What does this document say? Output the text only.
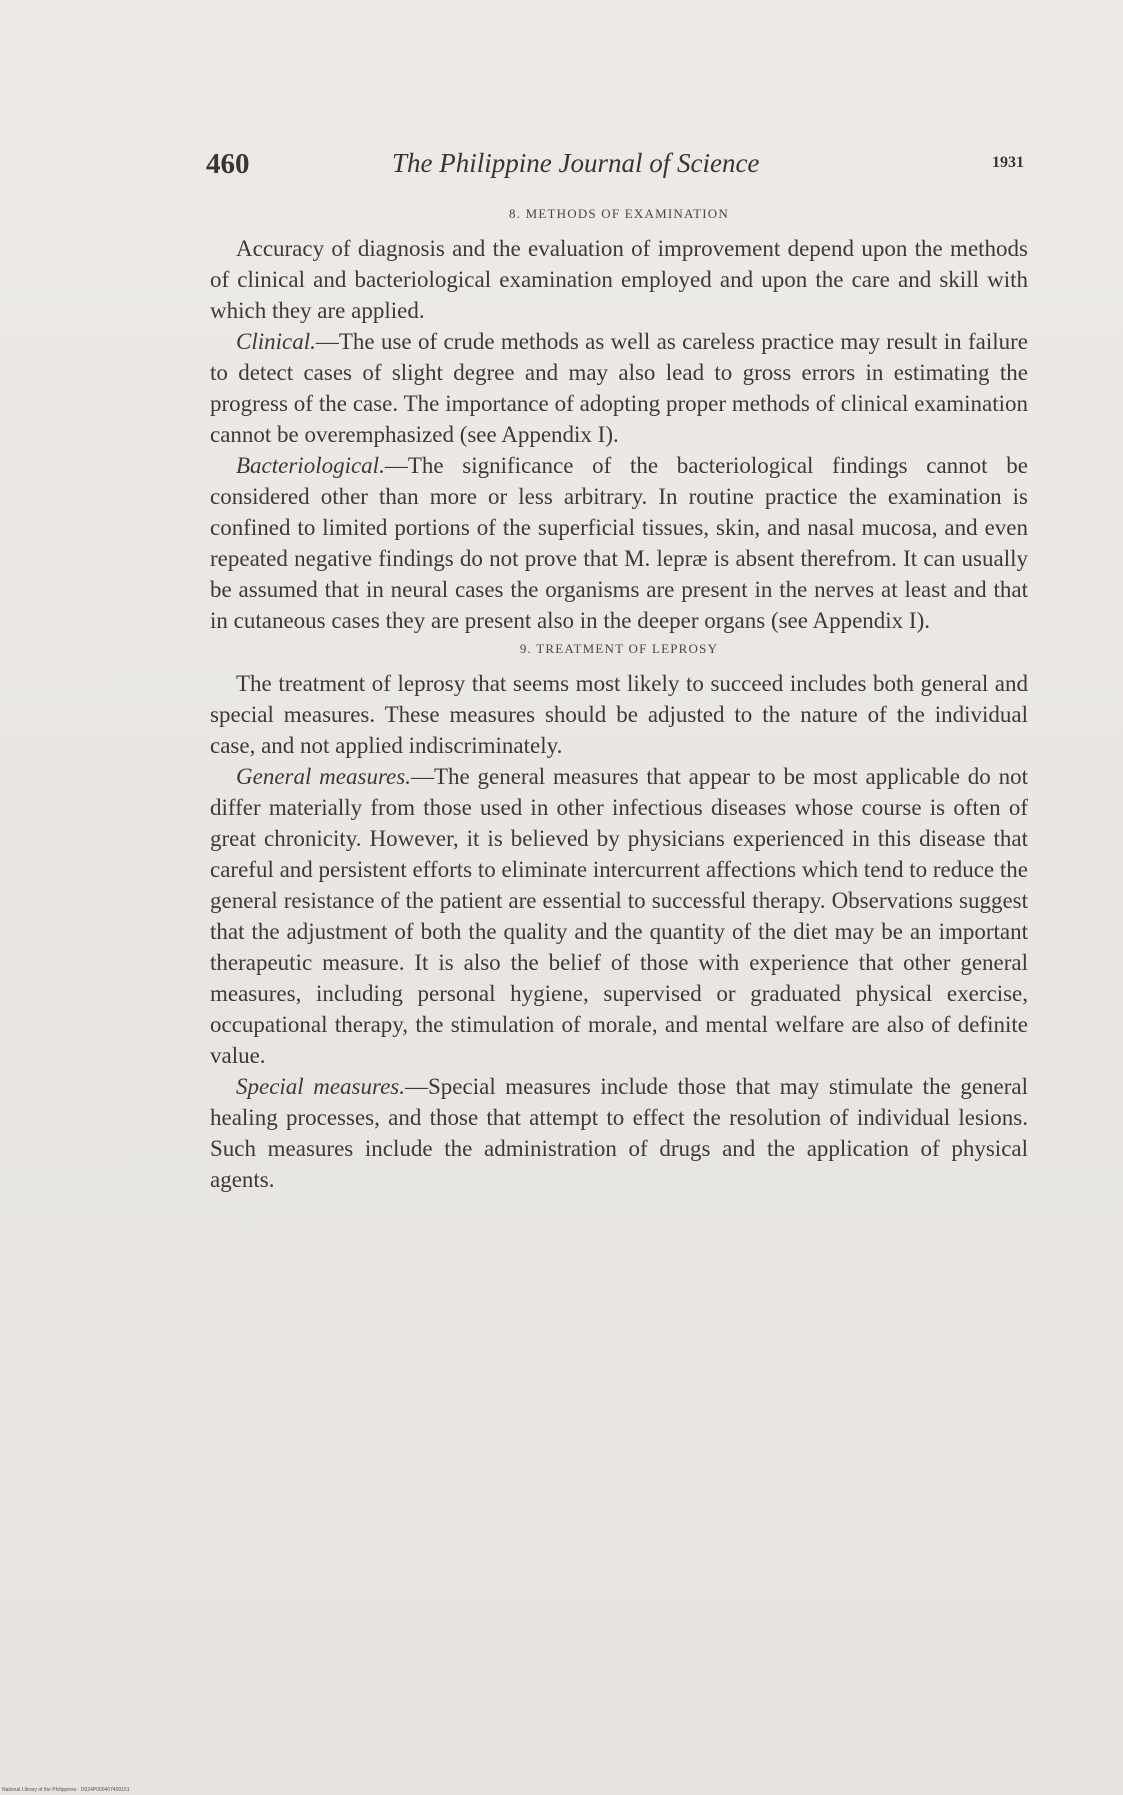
460	The Philippine Journal of Science	1931
8. METHODS OF EXAMINATION

Accuracy of diagnosis and the evaluation of improvement depend upon the methods of clinical and bacteriological examination employed and upon the care and skill with which they are applied.

Clinical.—The use of crude methods as well as careless practice may result in failure to detect cases of slight degree and may also lead to gross errors in estimating the progress of the case. The importance of adopting proper methods of clinical examination cannot be overemphasized (see Appendix I).

Bacteriological.—The significance of the bacteriological findings cannot be considered other than more or less arbitrary. In routine practice the examination is confined to limited portions of the superficial tissues, skin, and nasal mucosa, and even repeated negative findings do not prove that M. lepræ is absent therefrom. It can usually be assumed that in neural cases the organisms are present in the nerves at least and that in cutaneous cases they are present also in the deeper organs (see Appendix I).

9. TREATMENT OF LEPROSY

The treatment of leprosy that seems most likely to succeed includes both general and special measures. These measures should be adjusted to the nature of the individual case, and not applied indiscriminately.

General measures.—The general measures that appear to be most applicable do not differ materially from those used in other infectious diseases whose course is often of great chronicity. However, it is believed by physicians experienced in this disease that careful and persistent efforts to eliminate intercurrent affections which tend to reduce the general resistance of the patient are essential to successful therapy. Observations suggest that the adjustment of both the quality and the quantity of the diet may be an important therapeutic measure. It is also the belief of those with experience that other general measures, including personal hygiene, supervised or graduated physical exercise, occupational therapy, the stimulation of morale, and mental welfare are also of definite value.

Special measures.—Special measures include those that may stimulate the general healing processes, and those that attempt to effect the resolution of individual lesions. Such measures include the administration of drugs and the application of physical agents.

National Library of the Philippines · D024P000407400151
